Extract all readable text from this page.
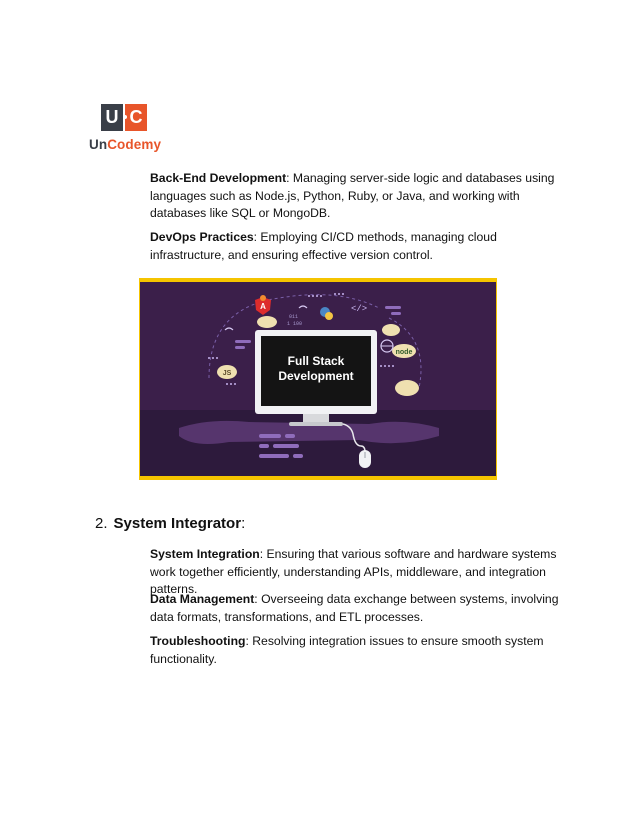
U C
UnCodemy

Back-End Development: Managing server-side logic and databases using languages such as Node.js, Python, Ruby, or Java, and working with databases like SQL or MongoDB.

DevOps Practices: Employing CI/CD methods, managing cloud infrastructure, and ensuring effective version control.

Full Stack
Development
A
JS
node
</>
011
1 100
2. System Integrator:

System Integration: Ensuring that various software and hardware systems work together efficiently, understanding APIs, middleware, and integration patterns.

Data Management: Overseeing data exchange between systems, involving data formats, transformations, and ETL processes.

Troubleshooting: Resolving integration issues to ensure smooth system functionality.
